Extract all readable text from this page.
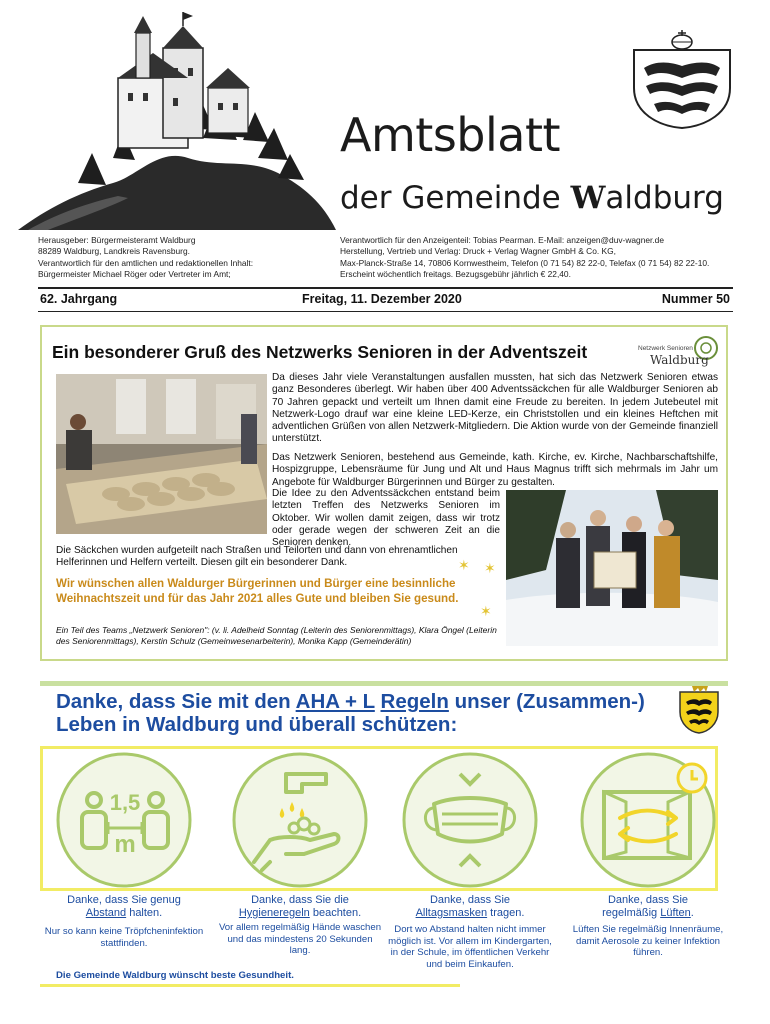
Amtsblatt
der Gemeinde Waldburg
Herausgeber: Bürgermeisteramt Waldburg
88289 Waldburg, Landkreis Ravensburg.
Verantwortlich für den amtlichen und redaktionellen Inhalt:
Bürgermeister Michael Röger oder Vertreter im Amt;
Verantwortlich für den Anzeigenteil: Tobias Pearman. E-Mail: anzeigen@duv-wagner.de
Herstellung, Vertrieb und Verlag: Druck + Verlag Wagner GmbH & Co. KG,
Max-Planck-Straße 14, 70806 Kornwestheim, Telefon (0 71 54) 82 22-0, Telefax (0 71 54) 82 22-10.
Erscheint wöchentlich freitags. Bezugsgebühr jährlich € 22,40.
62. Jahrgang	Freitag, 11. Dezember 2020	Nummer 50
Ein besonderer Gruß des Netzwerks Senioren in der Adventszeit	Netzwerk Senioren
Waldburg
Da dieses Jahr viele Veranstaltungen ausfallen mussten, hat sich das Netzwerk Senioren etwas ganz Besonderes überlegt. Wir haben über 400 Adventssäckchen für alle Waldburger Senioren ab 70 Jahren gepackt und verteilt um Ihnen damit eine Freude zu bereiten. In jedem Jutebeutel mit Netzwerk-Logo drauf war eine kleine LED-Kerze, ein Christstollen und ein kleines Heftchen mit adventlichen Grüßen von allen Netzwerk-Mitgliedern. Die Aktion wurde von der Gemeinde finanziell unterstützt.
Das Netzwerk Senioren, bestehend aus Gemeinde, kath. Kirche, ev. Kirche, Nachbarschaftshilfe, Hospizgruppe, Lebensräume für Jung und Alt und Haus Magnus trifft sich mehrmals im Jahr um Angebote für Waldburger Bürgerinnen und Bürger zu gestalten.
Die Idee zu den Adventssäckchen entstand beim letzten Treffen des Netzwerks Senioren im Oktober. Wir wollen damit zeigen, dass wir trotz oder gerade wegen der schweren Zeit an die Senioren denken.
Die Säckchen wurden aufgeteilt nach Straßen und Teilorten und dann von ehrenamtlichen Helferinnen und Helfern verteilt. Diesen gilt ein besonderer Dank.	✶ ✶
Wir wünschen allen Waldurger Bürgerinnen und Bürger eine besinnliche Weihnachtszeit und für das Jahr 2021 alles Gute und bleiben Sie gesund.
✶
Ein Teil des Teams „Netzwerk Senioren": (v. li. Adelheid Sonntag (Leiterin des Seniorenmittags), Klara Öngel (Leiterin des Seniorenmittags), Kerstin Schulz (Gemeinwesenarbeiterin), Monika Kapp (Gemeinderätin)
Danke, dass Sie mit den AHA + L Regeln unser (Zusammen-) Leben in Waldburg und überall schützen:
1,5
m
Danke, dass Sie genug
Abstand halten.
Nur so kann keine Tröpfcheninfektion stattfinden.
Danke, dass Sie die
Hygieneregeln beachten.
Vor allem regelmäßig Hände waschen und das mindestens 20 Sekunden lang.
Danke, dass Sie
Alltagsmasken tragen.
Dort wo Abstand halten nicht immer möglich ist. Vor allem im Kindergarten, in der Schule, im öffentlichen Verkehr und beim Einkaufen.
Danke, dass Sie
regelmäßig Lüften.
Lüften Sie regelmäßig Innenräume, damit Aerosole zu keiner Infektion führen.
Die Gemeinde Waldburg wünscht beste Gesundheit.
